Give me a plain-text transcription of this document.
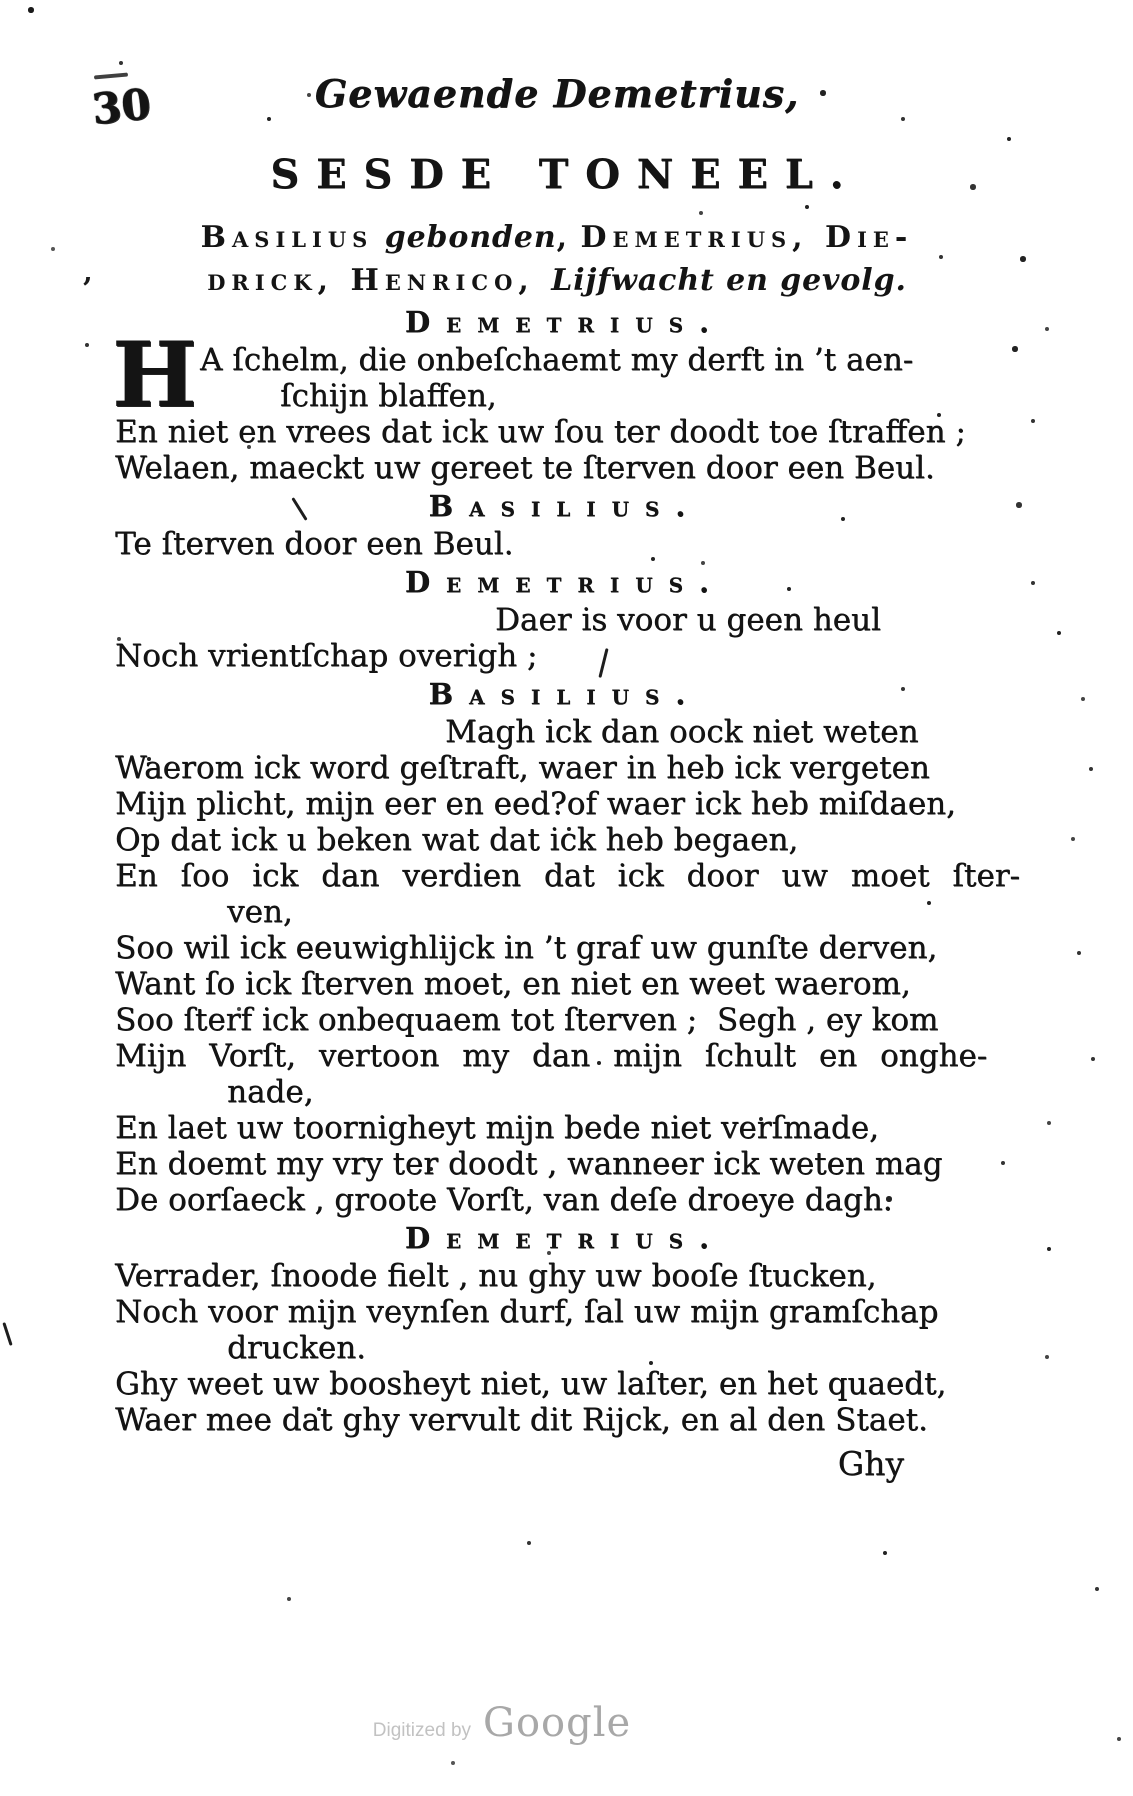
30	Gewaende Demetrius,
SESDE TONEEL.
Basilius gebonden, Demetrius, Die-
drick, Henrico, Lijfwacht en gevolg.
Demetrius.
H A ſchelm, die onbeſchaemt my derft in ’t aen-
ſchijn blaffen,
En niet en vrees dat ick uw ſou ter doodt toe ſtraffen ;
Welaen, maeckt uw gereet te ſterven door een Beul.
Basilius.
Te ſterven door een Beul.
Demetrius.
Daer is voor u geen heul
Noch vrientſchap overigh ;
Basilius.
Magh ick dan oock niet weten
Waerom ick word geſtraft, waer in heb ick vergeten
Mijn plicht, mijn eer en eed?of waer ick heb miſdaen,
Op dat ick u beken wat dat ick heb begaen,
En ſoo ick dan verdien dat ick door uw moet ſter-
ven,
Soo wil ick eeuwighlijck in ’t graf uw gunſte derven,
Want ſo ick ſterven moet, en niet en weet waerom,
Soo ſterf ick onbequaem tot ſterven ;  Segh , ey kom
Mijn Vorſt, vertoon my dan mijn ſchult en onghe-
nade,
En laet uw toornigheyt mijn bede niet verſmade,
En doemt my vry ter doodt , wanneer ick weten mag
De oorſaeck , groote Vorſt, van deſe droeye dagh.
Demetrius.
Verrader, ſnoode fielt , nu ghy uw booſe ſtucken,
Noch voor mijn veynſen durf, ſal uw mijn gramſchap
drucken.
Ghy weet uw boosheyt niet, uw laſter, en het quaedt,
Waer mee dat ghy vervult dit Rijck, en al den Staet.
Ghy
Digitized by Google
’
